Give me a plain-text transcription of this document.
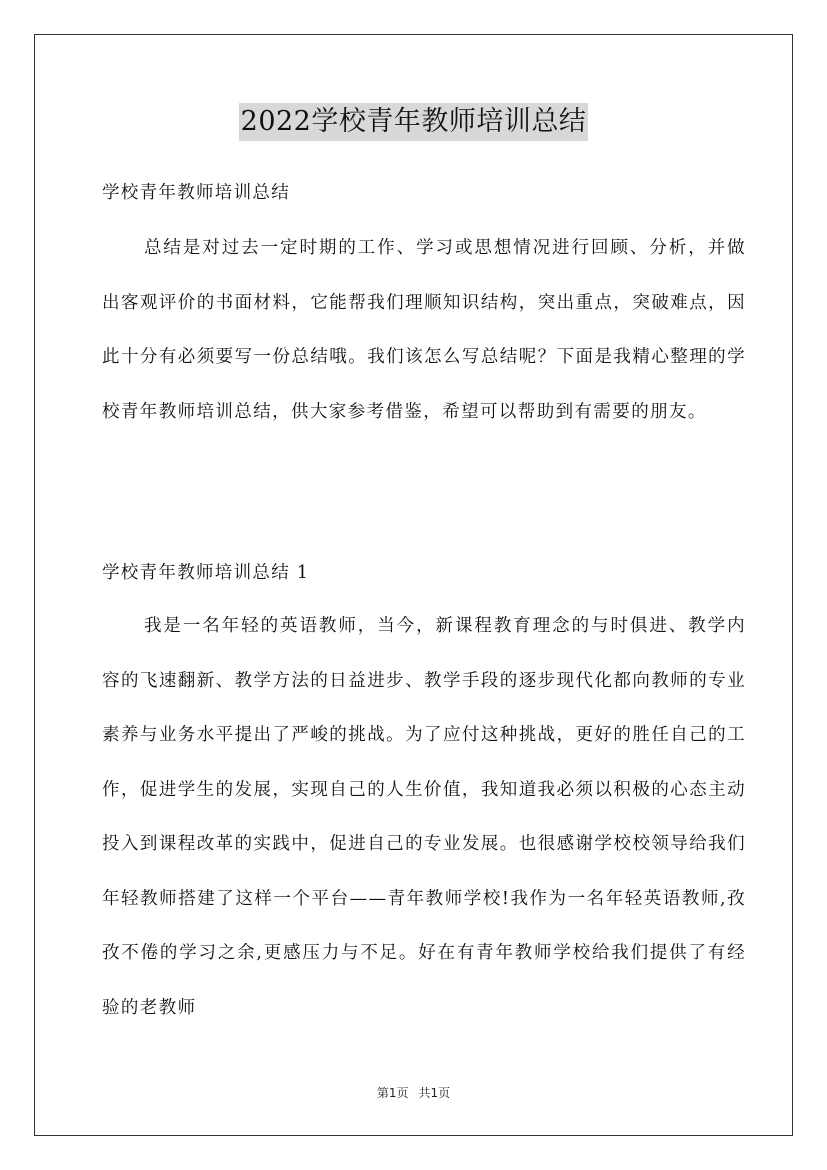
2022学校青年教师培训总结
学校青年教师培训总结

总结是对过去一定时期的工作、学习或思想情况进行回顾、分析，并做出客观评价的书面材料，它能帮我们理顺知识结构，突出重点，突破难点，因此十分有必须要写一份总结哦。我们该怎么写总结呢？下面是我精心整理的学校青年教师培训总结，供大家参考借鉴，希望可以帮助到有需要的朋友。

学校青年教师培训总结 1

我是一名年轻的英语教师，当今，新课程教育理念的与时俱进、教学内容的飞速翻新、教学方法的日益进步、教学手段的逐步现代化都向教师的专业素养与业务水平提出了严峻的挑战。为了应付这种挑战，更好的胜任自己的工作，促进学生的发展，实现自己的人生价值，我知道我必须以积极的心态主动投入到课程改革的实践中，促进自己的专业发展。也很感谢学校校领导给我们年轻教师搭建了这样一个平台——青年教师学校!我作为一名年轻英语教师,孜孜不倦的学习之余,更感压力与不足。好在有青年教师学校给我们提供了有经验的老教师

第1页 共1页
